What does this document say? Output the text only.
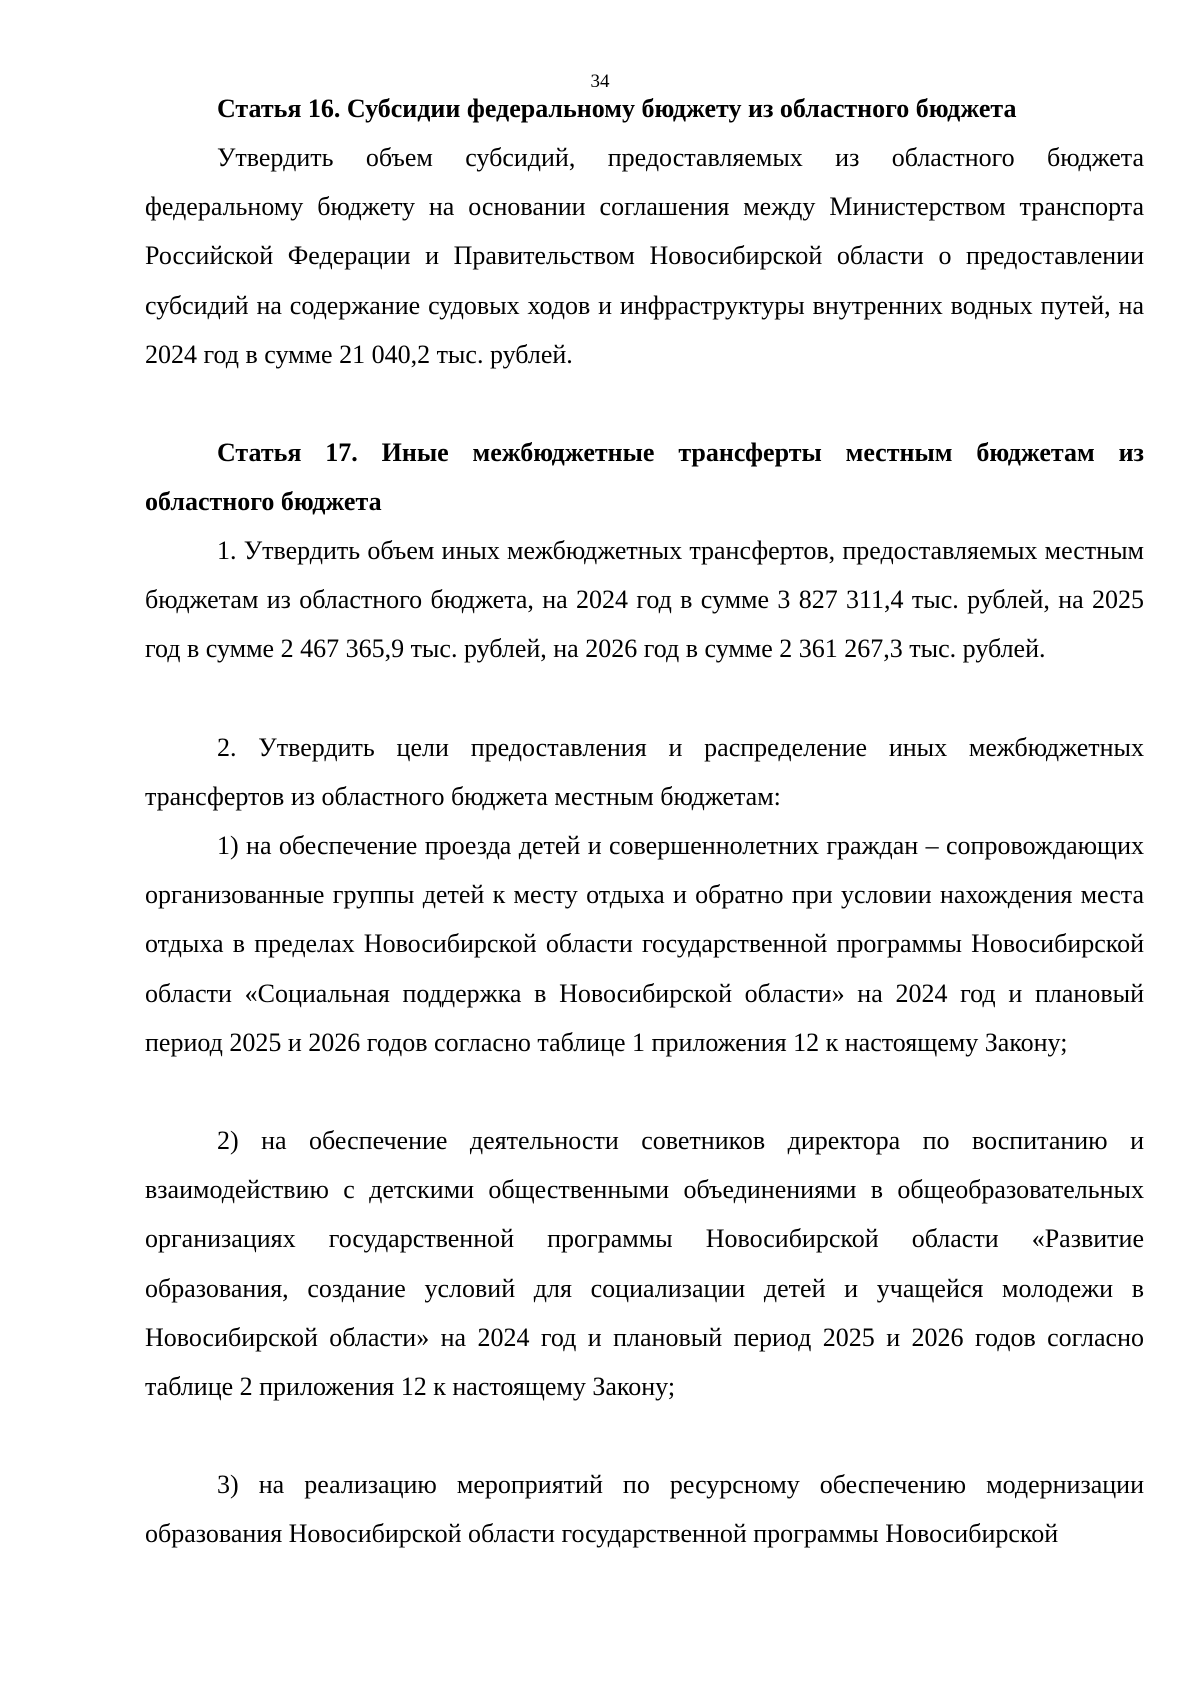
34
Статья 16. Субсидии федеральному бюджету из областного бюджета
Утвердить объем субсидий, предоставляемых из областного бюджета федеральному бюджету на основании соглашения между Министерством транспорта Российской Федерации и Правительством Новосибирской области о предоставлении субсидий на содержание судовых ходов и инфраструктуры внутренних водных путей, на 2024 год в сумме 21 040,2 тыс. рублей.
Статья 17. Иные межбюджетные трансферты местным бюджетам из областного бюджета
1. Утвердить объем иных межбюджетных трансфертов, предоставляемых местным бюджетам из областного бюджета, на 2024 год в сумме 3 827 311,4 тыс. рублей, на 2025 год в сумме 2 467 365,9 тыс. рублей, на 2026 год в сумме 2 361 267,3 тыс. рублей.
2. Утвердить цели предоставления и распределение иных межбюджетных трансфертов из областного бюджета местным бюджетам:
1) на обеспечение проезда детей и совершеннолетних граждан – сопровождающих организованные группы детей к месту отдыха и обратно при условии нахождения места отдыха в пределах Новосибирской области государственной программы Новосибирской области «Социальная поддержка в Новосибирской области» на 2024 год и плановый период 2025 и 2026 годов согласно таблице 1 приложения 12 к настоящему Закону;
2) на обеспечение деятельности советников директора по воспитанию и взаимодействию с детскими общественными объединениями в общеобразовательных организациях государственной программы Новосибирской области «Развитие образования, создание условий для социализации детей и учащейся молодежи в Новосибирской области» на 2024 год и плановый период 2025 и 2026 годов согласно таблице 2 приложения 12 к настоящему Закону;
3) на реализацию мероприятий по ресурсному обеспечению модернизации образования Новосибирской области государственной программы Новосибирской
